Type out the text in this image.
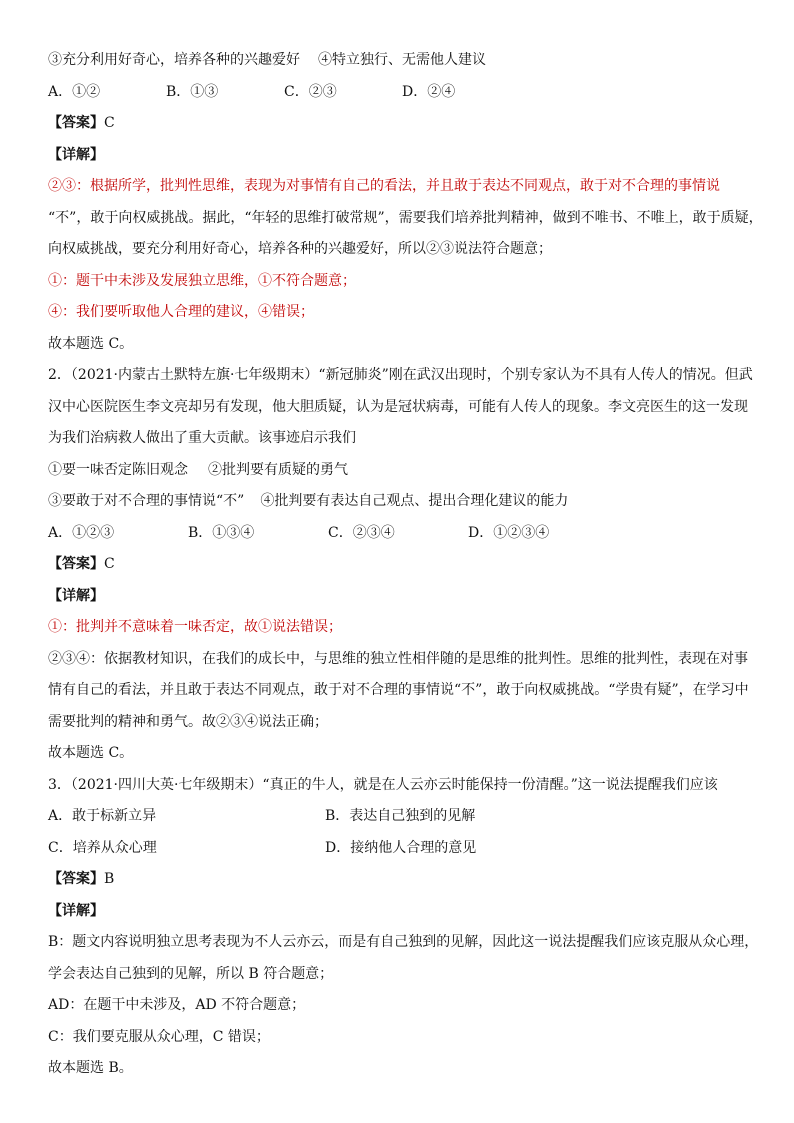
③充分利用好奇心，培养各种的兴趣爱好 ④特立独行、无需他人建议
A．①②	B．①③	C．②③	D．②④
【答案】C
【详解】
②③：根据所学，批判性思维，表现为对事情有自己的看法，并且敢于表达不同观点，敢于对不合理的事情说
“不”，敢于向权威挑战。据此，“年轻的思维打破常规”，需要我们培养批判精神，做到不唯书、不唯上，敢于质疑，
向权威挑战，要充分利用好奇心，培养各种的兴趣爱好，所以②③说法符合题意；
①：题干中未涉及发展独立思维，①不符合题意；
④：我们要听取他人合理的建议，④错误；
故本题选 C。
2．（2021·内蒙古土默特左旗·七年级期末）“新冠肺炎”刚在武汉出现时，个别专家认为不具有人传人的情况。但武
汉中心医院医生李文亮却另有发现，他大胆质疑，认为是冠状病毒，可能有人传人的现象。李文亮医生的这一发现
为我们治病救人做出了重大贡献。该事迹启示我们
①要一味否定陈旧观念 ②批判要有质疑的勇气
③要敢于对不合理的事情说“不” ④批判要有表达自己观点、提出合理化建议的能力
A．①②③	B．①③④	C．②③④	D．①②③④
【答案】C
【详解】
①：批判并不意味着一味否定，故①说法错误；
②③④：依据教材知识，在我们的成长中，与思维的独立性相伴随的是思维的批判性。思维的批判性，表现在对事
情有自己的看法，并且敢于表达不同观点，敢于对不合理的事情说“不”，敢于向权威挑战。“学贵有疑”，在学习中
需要批判的精神和勇气。故②③④说法正确；
故本题选 C。
3．（2021·四川大英·七年级期末）“真正的牛人，就是在人云亦云时能保持一份清醒。”这一说法提醒我们应该
A．敢于标新立异	B．表达自己独到的见解
C．培养从众心理	D．接纳他人合理的意见
【答案】B
【详解】
B：题文内容说明独立思考表现为不人云亦云，而是有自己独到的见解，因此这一说法提醒我们应该克服从众心理，
学会表达自己独到的见解，所以 B 符合题意；
AD：在题干中未涉及，AD 不符合题意；
C：我们要克服从众心理，C 错误；
故本题选 B。
